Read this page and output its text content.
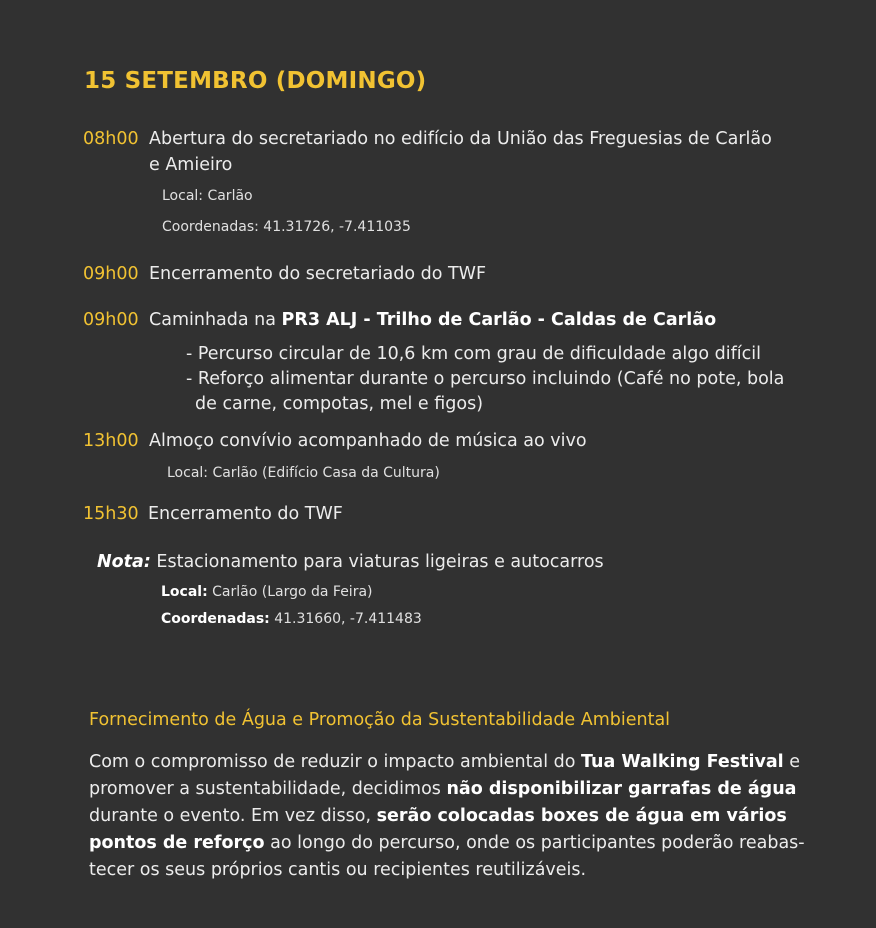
15 SETEMBRO (DOMINGO)
08h00 Abertura do secretariado no edifício da União das Freguesias de Carlão
e Amieiro
Local: Carlão
Coordenadas: 41.31726, -7.411035
09h00 Encerramento do secretariado do TWF
09h00 Caminhada na PR3 ALJ - Trilho de Carlão - Caldas de Carlão
- Percurso circular de 10,6 km com grau de dificuldade algo difícil
- Reforço alimentar durante o percurso incluindo (Café no pote, bola
de carne, compotas, mel e figos)
13h00 Almoço convívio acompanhado de música ao vivo
Local: Carlão (Edifício Casa da Cultura)
15h30 Encerramento do TWF
Nota: Estacionamento para viaturas ligeiras e autocarros
Local: Carlão (Largo da Feira)
Coordenadas: 41.31660, -7.411483
Fornecimento de Água e Promoção da Sustentabilidade Ambiental
Com o compromisso de reduzir o impacto ambiental do Tua Walking Festival e
promover a sustentabilidade, decidimos não disponibilizar garrafas de água
durante o evento. Em vez disso, serão colocadas boxes de água em vários
pontos de reforço ao longo do percurso, onde os participantes poderão reabas-
tecer os seus próprios cantis ou recipientes reutilizáveis.
